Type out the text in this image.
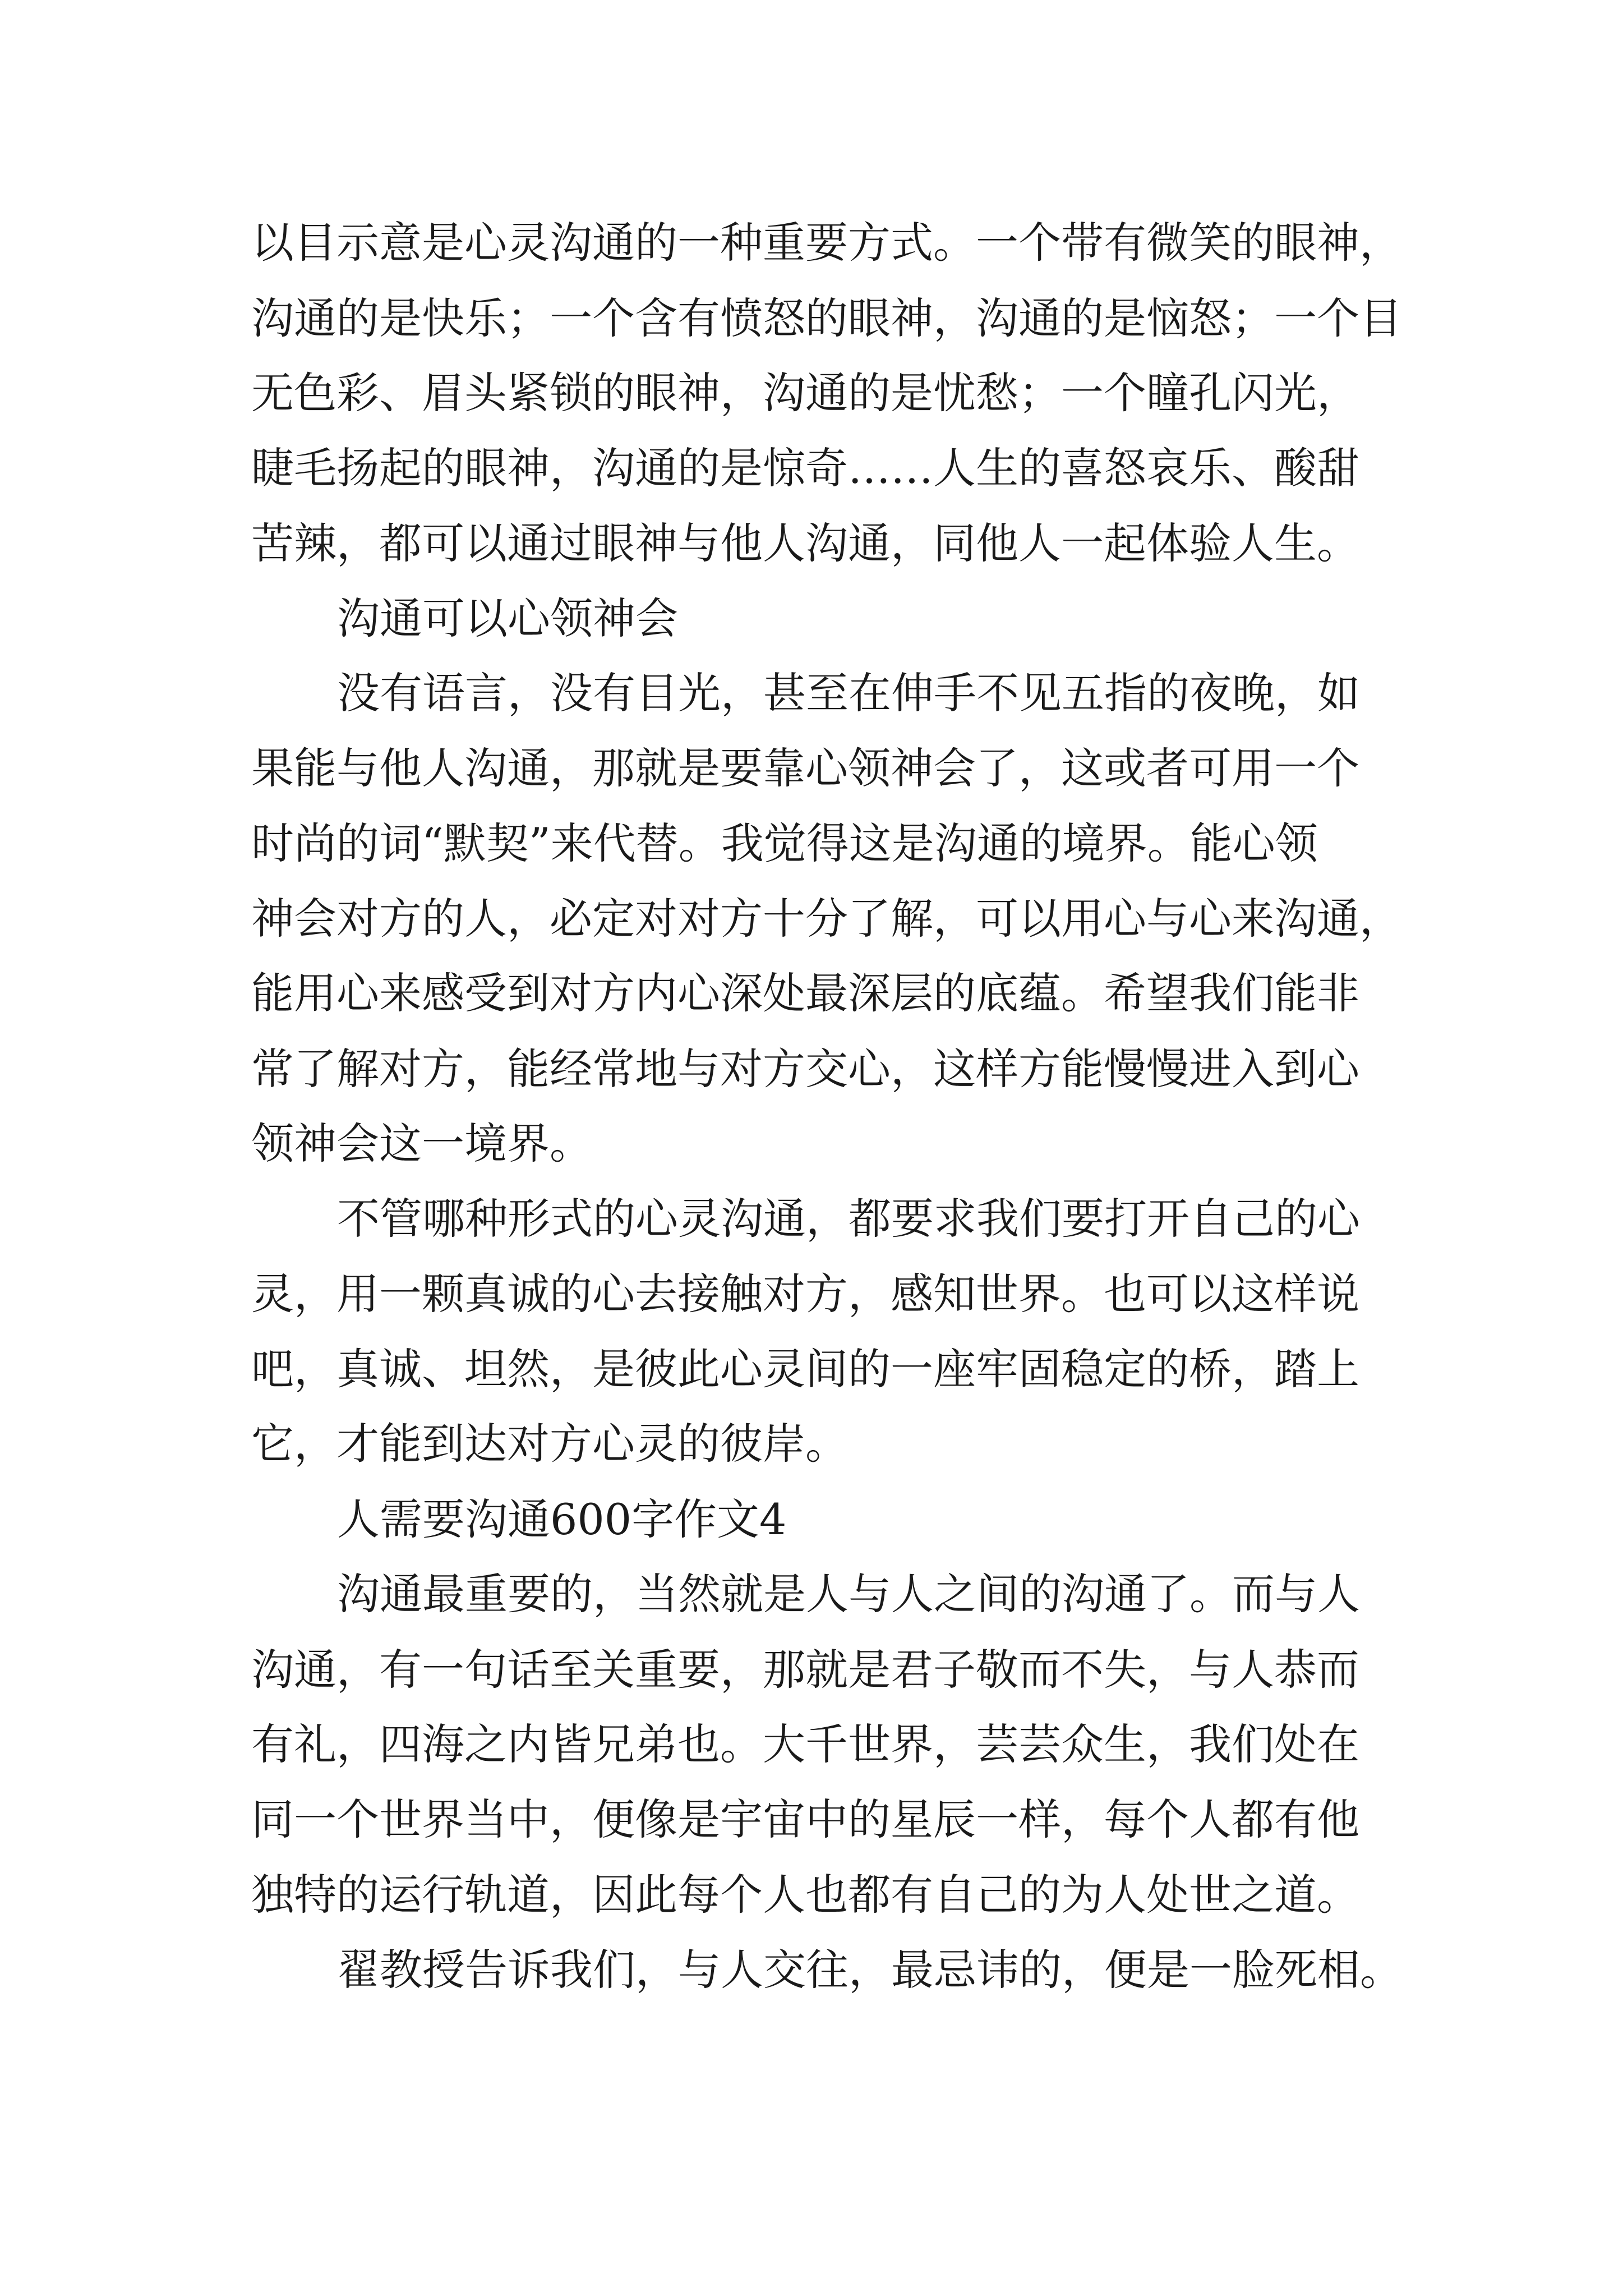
以目示意是心灵沟通的一种重要方式。一个带有微笑的眼神，

沟通的是快乐；一个含有愤怒的眼神，沟通的是恼怒；一个目

无色彩、眉头紧锁的眼神，沟通的是忧愁；一个瞳孔闪光，

睫毛扬起的眼神，沟通的是惊奇……人生的喜怒哀乐、酸甜

苦辣，都可以通过眼神与他人沟通，同他人一起体验人生。

沟通可以心领神会

没有语言，没有目光，甚至在伸手不见五指的夜晚，如

果能与他人沟通，那就是要靠心领神会了，这或者可用一个

时尚的词“默契”来代替。我觉得这是沟通的境界。能心领

神会对方的人，必定对对方十分了解，可以用心与心来沟通，

能用心来感受到对方内心深处最深层的底蕴。希望我们能非

常了解对方，能经常地与对方交心，这样方能慢慢进入到心

领神会这一境界。

不管哪种形式的心灵沟通，都要求我们要打开自己的心

灵，用一颗真诚的心去接触对方，感知世界。也可以这样说

吧，真诚、坦然，是彼此心灵间的一座牢固稳定的桥，踏上

它，才能到达对方心灵的彼岸。

人需要沟通600字作文4

沟通最重要的，当然就是人与人之间的沟通了。而与人

沟通，有一句话至关重要，那就是君子敬而不失，与人恭而

有礼，四海之内皆兄弟也。大千世界，芸芸众生，我们处在

同一个世界当中，便像是宇宙中的星辰一样，每个人都有他

独特的运行轨道，因此每个人也都有自己的为人处世之道。

翟教授告诉我们，与人交往，最忌讳的，便是一脸死相。
